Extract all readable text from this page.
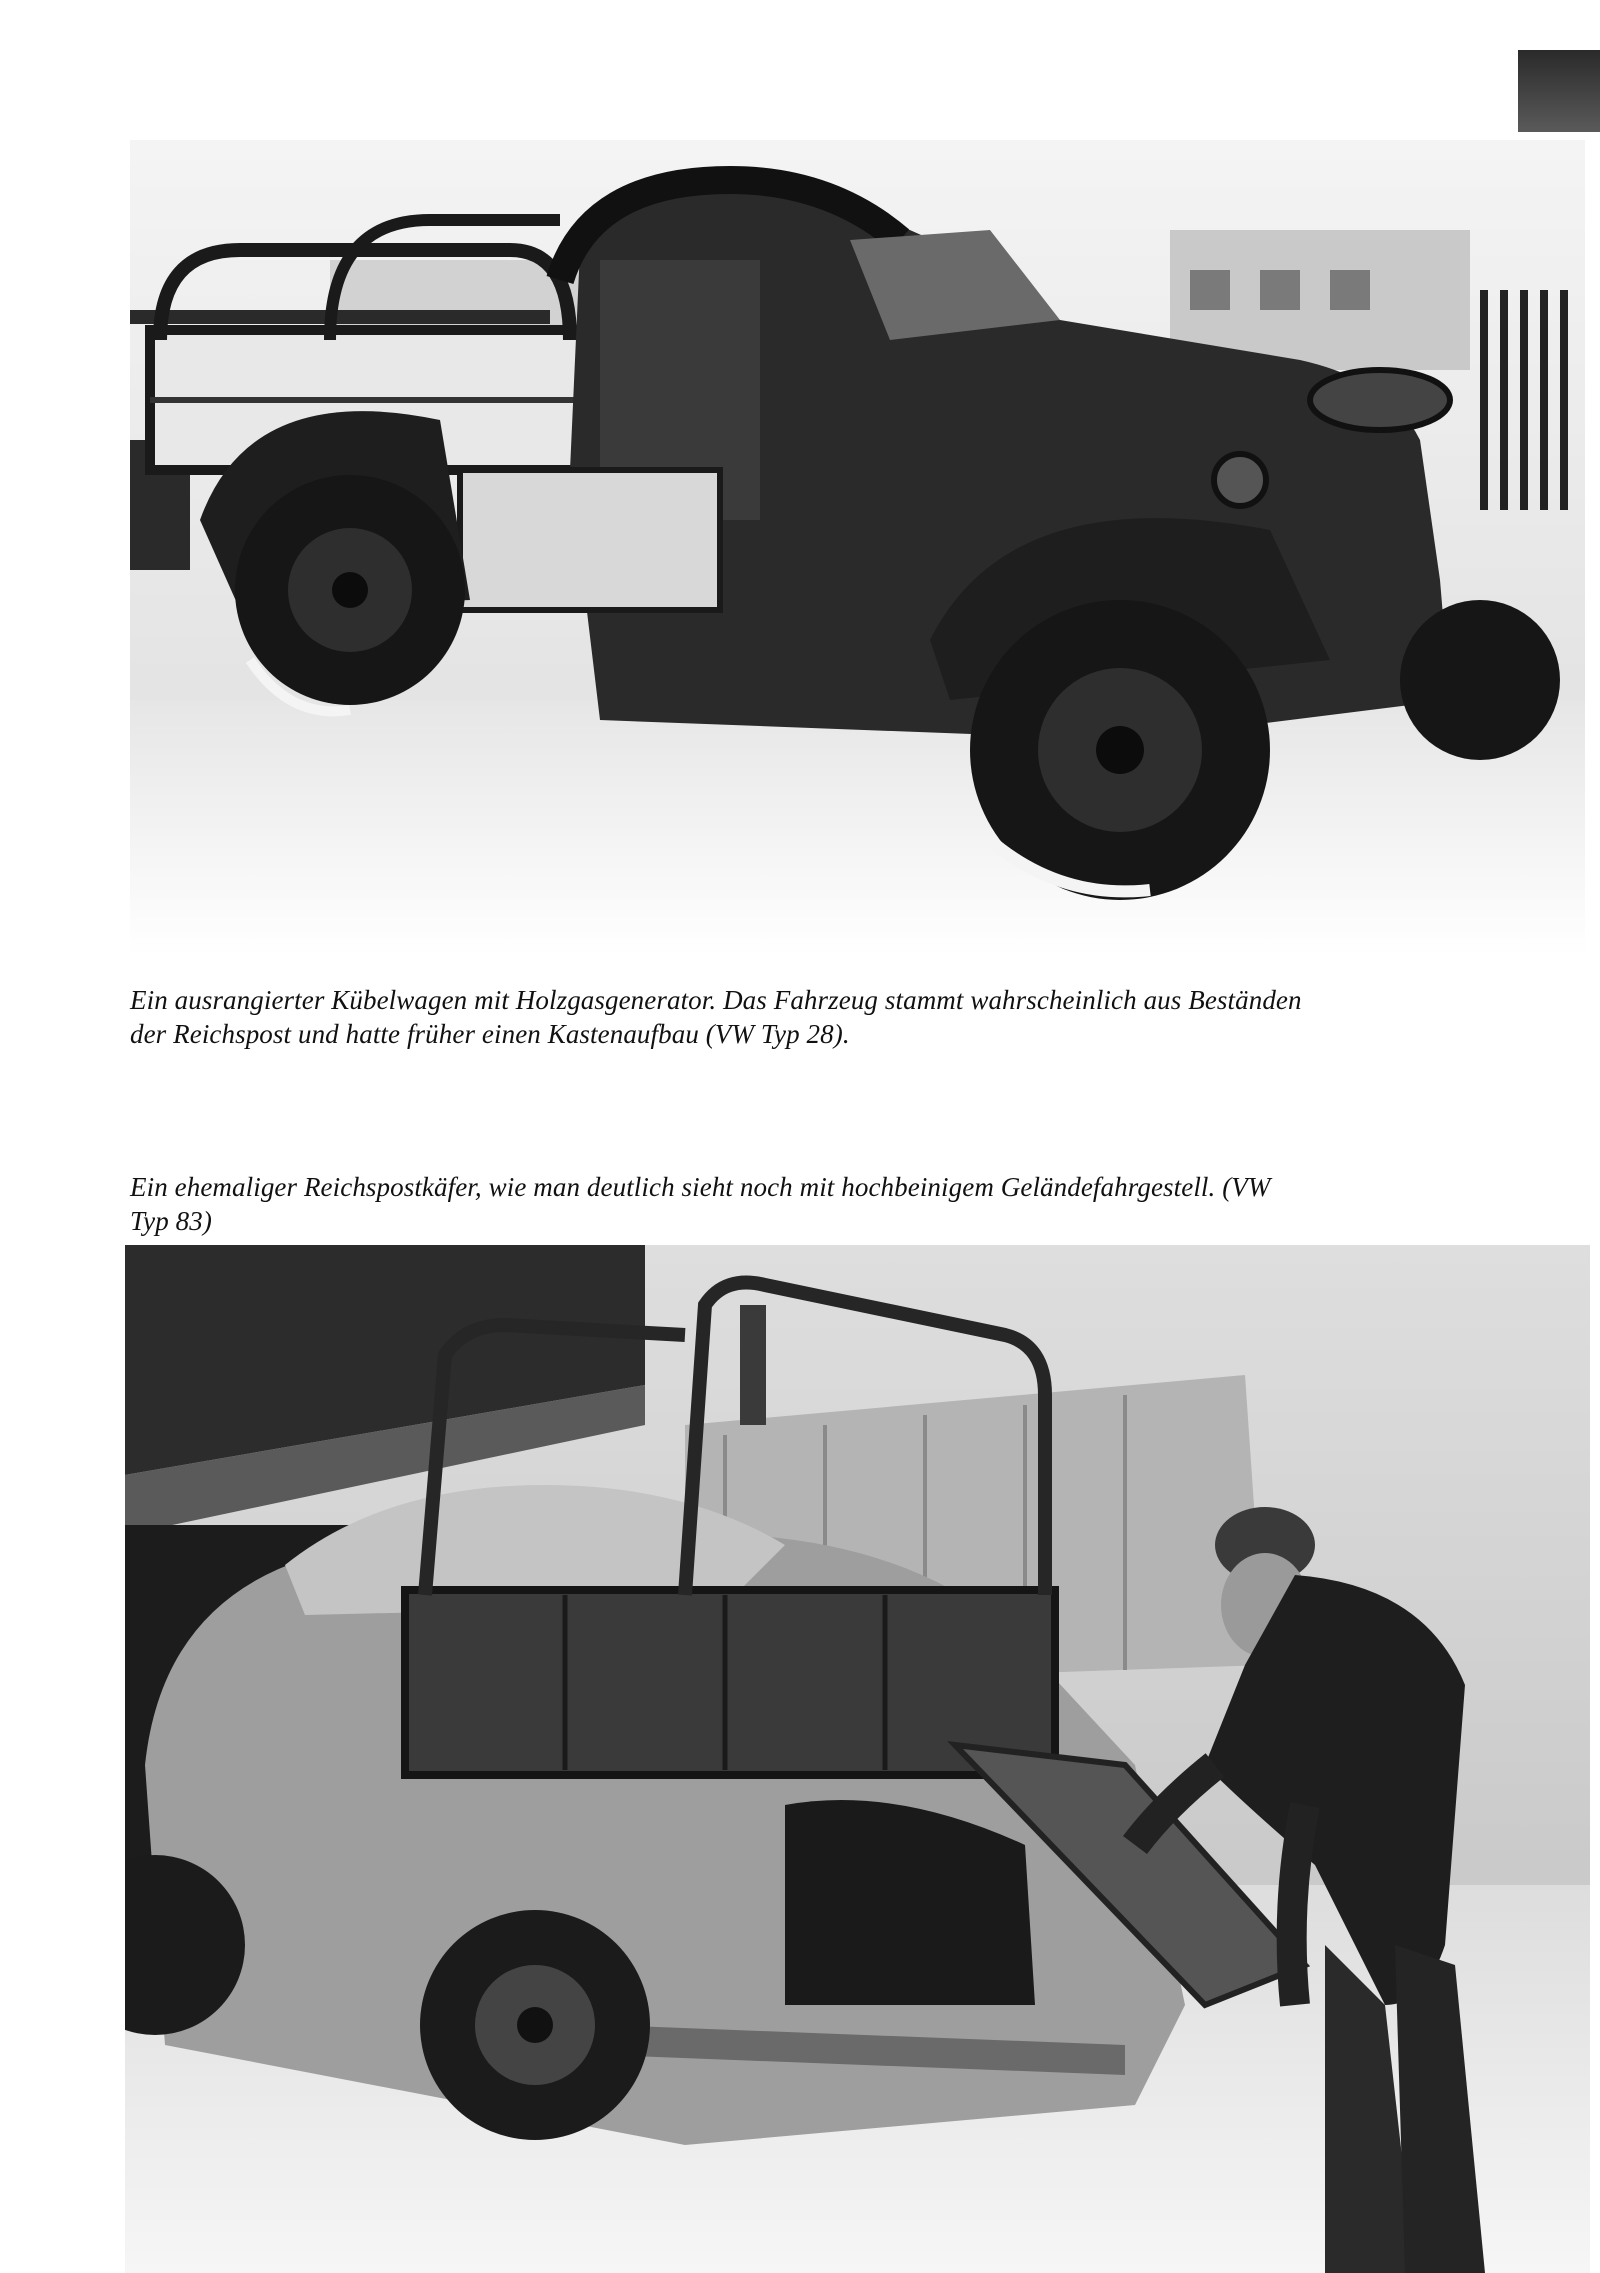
Ein ausrangierter Kübelwagen mit Holzgasgenerator. Das Fahrzeug stammt wahrscheinlich aus Beständen
der Reichspost und hatte früher einen Kastenaufbau (VW Typ 28).
Ein ehemaliger Reichspostkäfer, wie man deutlich sieht noch mit hochbeinigem Geländefahrgestell. (VW
Typ 83)
